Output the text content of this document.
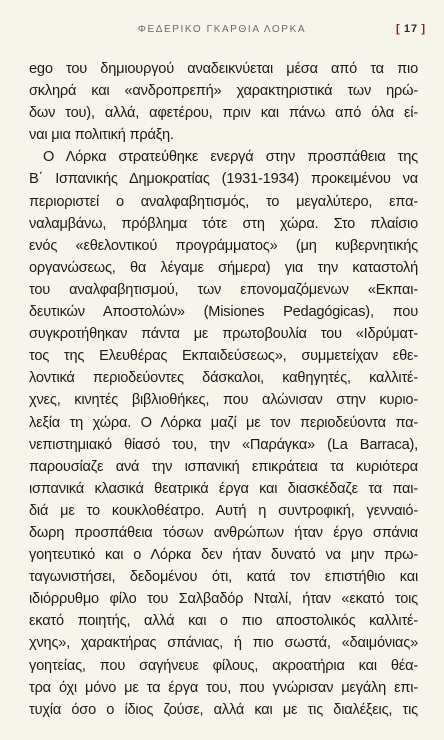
ΦΕΔΕΡΙΚΟ ΓΚΑΡΘΙΑ ΛΟΡΚΑ	[  17  ]
ego του δημιουργού αναδεικνύεται μέσα από τα πιο
σκληρά και «ανδροπρεπή» χαρακτηριστικά των ηρώ-
δων του), αλλά, αφετέρου, πριν και πάνω από όλα εί-
ναι μια πολιτική πράξη.
Ο Λόρκα στρατεύθηκε ενεργά στην προσπάθεια της
Β΄ Ισπανικής Δημοκρατίας (1931-1934) προκειμένου να
περιοριστεί ο αναλφαβητισμός, το μεγαλύτερο, επα-
ναλαμβάνω, πρόβλημα τότε στη χώρα. Στο πλαίσιο
ενός «εθελοντικού προγράμματος» (μη κυβερνητικής
οργανώσεως, θα λέγαμε σήμερα) για την καταστολή
του αναλφαβητισμού, των επονομαζόμενων «Εκπαι-
δευτικών Αποστολών» (Misiones Pedagógicas), που
συγκροτήθηκαν πάντα με πρωτοβουλία του «Ιδρύματ-
τος της Ελευθέρας Εκπαιδεύσεως», συμμετείχαν εθε-
λοντικά περιοδεύοντες δάσκαλοι, καθηγητές, καλλιτέ-
χνες, κινητές βιβλιοθήκες, που αλώνισαν στην κυριο-
λεξία τη χώρα. Ο Λόρκα μαζί με τον περιοδεύοντα πα-
νεπιστημιακό θίασό του, την «Παράγκα» (La Barraca),
παρουσίαζε ανά την ισπανική επικράτεια τα κυριότερα
ισπανικά κλασικά θεατρικά έργα και διασκέδαζε τα παι-
διά με το κουκλοθέατρο. Αυτή η συντροφική, γενναιό-
δωρη προσπάθεια τόσων ανθρώπων ήταν έργο σπάνια
γοητευτικό και ο Λόρκα δεν ήταν δυνατό να μην πρω-
ταγωνιστήσει, δεδομένου ότι, κατά τον επιστήθιο και
ιδιόρρυθμο φίλο του Σαλβαδόρ Νταλί, ήταν «εκατό τοις
εκατό ποιητής, αλλά και ο πιο αποστολικός καλλιτέ-
χνης», χαρακτήρας σπάνιας, ή πιο σωστά, «δαιμόνιας»
γοητείας, που σαγήνευε φίλους, ακροατήρια και θέα-
τρα όχι μόνο με τα έργα του, που γνώρισαν μεγάλη επι-
τυχία όσο ο ίδιος ζούσε, αλλά και με τις διαλέξεις, τις
